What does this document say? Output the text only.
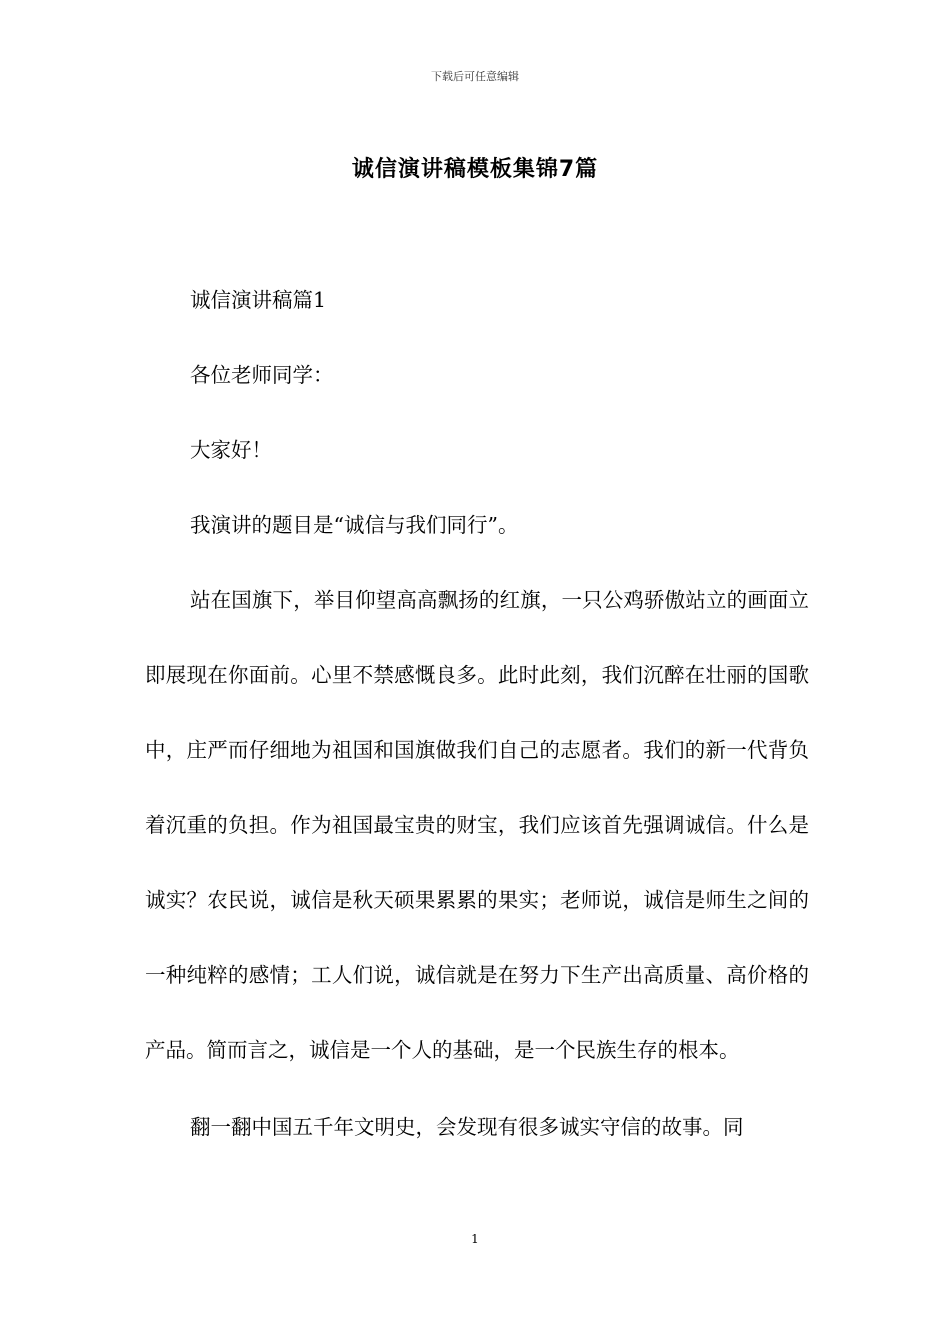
下载后可任意编辑
诚信演讲稿模板集锦7篇

诚信演讲稿篇1

各位老师同学：

大家好！

我演讲的题目是“诚信与我们同行”。

站在国旗下，举目仰望高高飘扬的红旗，一只公鸡骄傲站立的画面立即展现在你面前。心里不禁感慨良多。此时此刻，我们沉醉在壮丽的国歌中，庄严而仔细地为祖国和国旗做我们自己的志愿者。我们的新一代背负着沉重的负担。作为祖国最宝贵的财宝，我们应该首先强调诚信。什么是诚实？农民说，诚信是秋天硕果累累的果实；老师说，诚信是师生之间的一种纯粹的感情；工人们说，诚信就是在努力下生产出高质量、高价格的产品。简而言之，诚信是一个人的基础，是一个民族生存的根本。

翻一翻中国五千年文明史，会发现有很多诚实守信的故事。同

1
